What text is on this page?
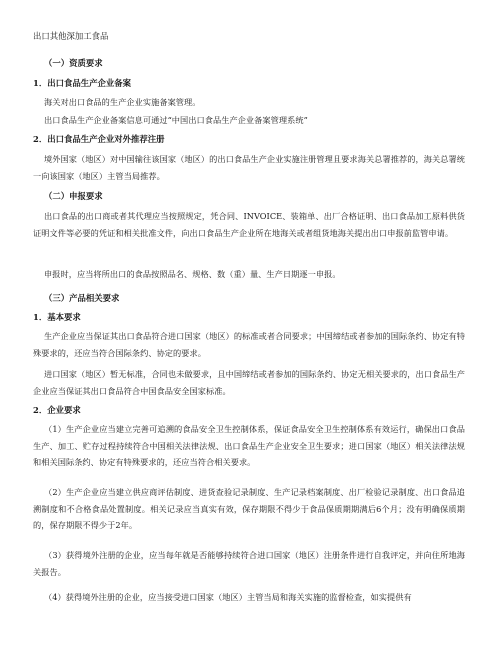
出口其他深加工食品
（一）资质要求
1．出口食品生产企业备案
海关对出口食品的生产企业实施备案管理。
出口食品生产企业备案信息可通过“中国出口食品生产企业备案管理系统”
2．出口食品生产企业对外推荐注册
境外国家（地区）对中国输往该国家（地区）的出口食品生产企业实施注册管理且要求海关总署推荐的，海关总署统一向该国家（地区）主管当局推荐。
（二）申报要求
出口食品的出口商或者其代理应当按照规定，凭合同、INVOICE、装箱单、出厂合格证明、出口食品加工原料供货证明文件等必要的凭证和相关批准文件，向出口食品生产企业所在地海关或者组货地海关提出出口申报前监管申请。
申报时，应当将所出口的食品按照品名、规格、数（重）量、生产日期逐一申报。
（三）产品相关要求
1．基本要求
生产企业应当保证其出口食品符合进口国家（地区）的标准或者合同要求；中国缔结或者参加的国际条约、协定有特殊要求的，还应当符合国际条约、协定的要求。
进口国家（地区）暂无标准，合同也未做要求，且中国缔结或者参加的国际条约、协定无相关要求的，出口食品生产企业应当保证其出口食品符合中国食品安全国家标准。
2．企业要求
（1）生产企业应当建立完善可追溯的食品安全卫生控制体系，保证食品安全卫生控制体系有效运行，确保出口食品生产、加工、贮存过程持续符合中国相关法律法规、出口食品生产企业安全卫生要求；进口国家（地区）相关法律法规和相关国际条约、协定有特殊要求的，还应当符合相关要求。
（2）生产企业应当建立供应商评估制度、进货查验记录制度、生产记录档案制度、出厂检验记录制度、出口食品追溯制度和不合格食品处置制度。相关记录应当真实有效，保存期限不得少于食品保质期期满后6个月；没有明确保质期的，保存期限不得少于2年。
（3）获得境外注册的企业，应当每年就是否能够持续符合进口国家（地区）注册条件进行自我评定，并向住所地海关报告。
（4）获得境外注册的企业，应当接受进口国家（地区）主管当局和海关实施的监督检查，如实提供有
